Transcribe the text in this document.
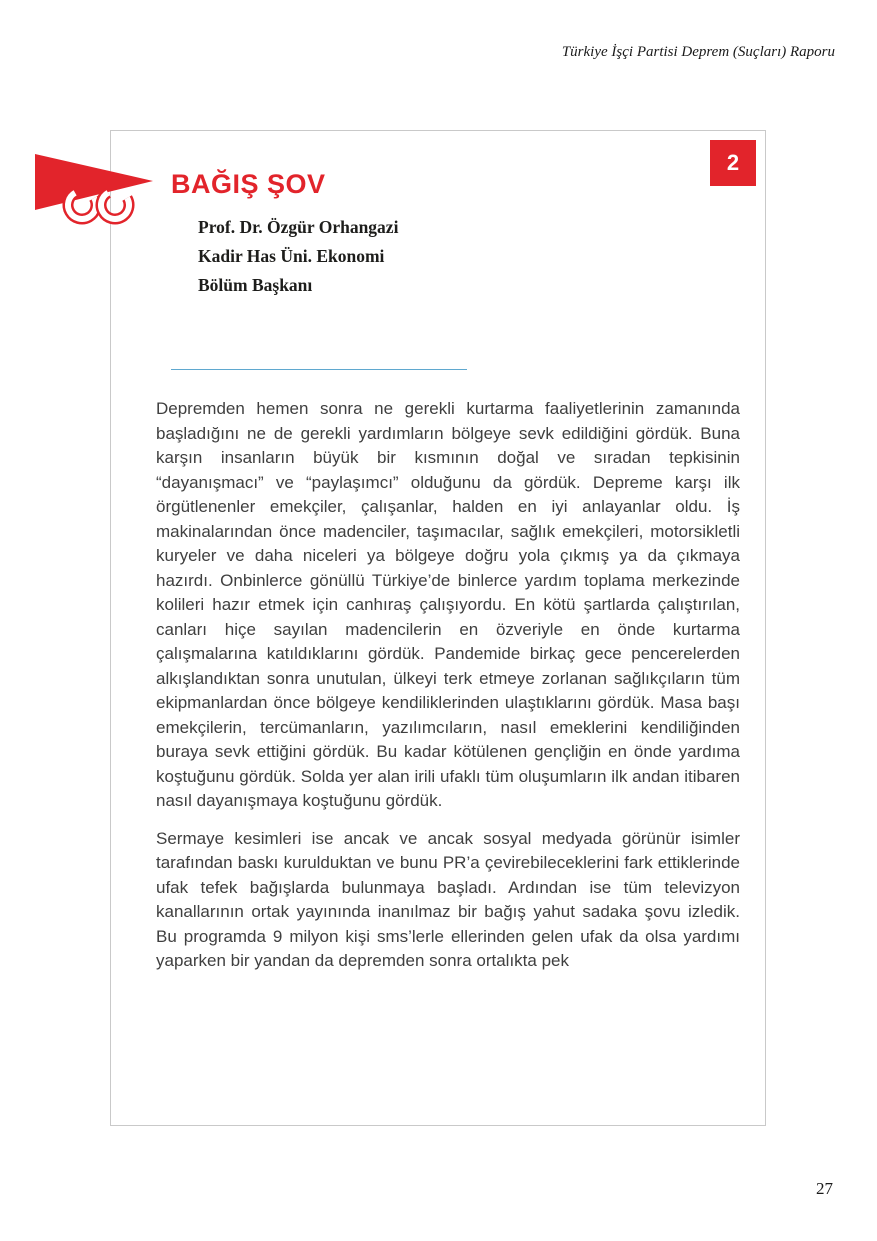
Türkiye İşçi Partisi Deprem (Suçları) Raporu
2
BAĞIŞ ŞOV
Prof. Dr. Özgür Orhangazi
Kadir Has Üni. Ekonomi
Bölüm Başkanı

Depremden hemen sonra ne gerekli kurtarma faaliyetlerinin zamanında başladığını ne de gerekli yardımların bölgeye sevk edildiğini gördük. Buna karşın insanların büyük bir kısmının doğal ve sıradan tepkisinin “dayanışmacı” ve “paylaşımcı” olduğunu da gördük. Depreme karşı ilk örgütlenenler emekçiler, çalışanlar, halden en iyi anlayanlar oldu. İş makinalarından önce madenciler, taşımacılar, sağlık emekçileri, motorsikletli kuryeler ve daha niceleri ya bölgeye doğru yola çıkmış ya da çıkmaya hazırdı. Onbinlerce gönüllü Türkiye’de binlerce yardım toplama merkezinde kolileri hazır etmek için canhıraş çalışıyordu. En kötü şartlarda çalıştırılan, canları hiçe sayılan madencilerin en özveriyle en önde kurtarma çalışmalarına katıldıklarını gördük. Pandemide birkaç gece pencerelerden alkışlandıktan sonra unutulan, ülkeyi terk etmeye zorlanan sağlıkçıların tüm ekipmanlardan önce bölgeye kendiliklerinden ulaştıklarını gördük. Masa başı emekçilerin, tercümanların, yazılımcıların, nasıl emeklerini kendiliğinden buraya sevk ettiğini gördük. Bu kadar kötülenen gençliğin en önde yardıma koştuğunu gördük. Solda yer alan irili ufaklı tüm oluşumların ilk andan itibaren nasıl dayanışmaya koştuğunu gördük.

Sermaye kesimleri ise ancak ve ancak sosyal medyada görünür isimler tarafından baskı kurulduktan ve bunu PR’a çevirebileceklerini fark ettiklerinde ufak tefek bağışlarda bulunmaya başladı. Ardından ise tüm televizyon kanallarının ortak yayınında inanılmaz bir bağış yahut sadaka şovu izledik. Bu programda 9 milyon kişi sms’lerle ellerinden gelen ufak da olsa yardımı yaparken bir yandan da depremden sonra ortalıkta pek

27
